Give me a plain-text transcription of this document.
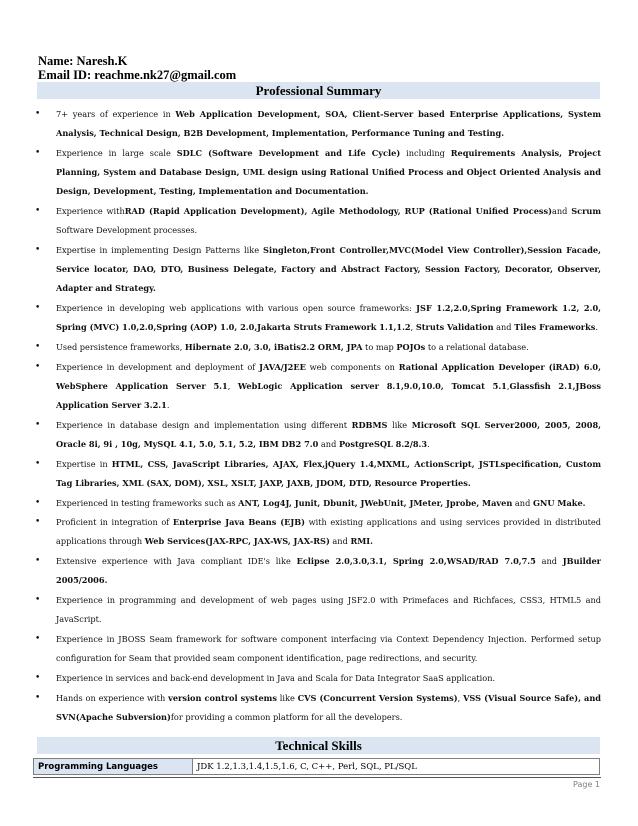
Name: Naresh.K
Email ID: reachme.nk27@gmail.com
Professional Summary
• 7+ years of experience in Web Application Development, SOA, Client-Server based Enterprise Applications, System Analysis, Technical Design, B2B Development, Implementation, Performance Tuning and Testing.
• Experience in large scale SDLC (Software Development and Life Cycle) including Requirements Analysis, Project Planning, System and Database Design, UML design using Rational Unified Process and Object Oriented Analysis and Design, Development, Testing, Implementation and Documentation.
• Experience withRAD (Rapid Application Development), Agile Methodology, RUP (Rational Unified Process)and Scrum Software Development processes.
• Expertise in implementing Design Patterns like Singleton,Front Controller,MVC(Model View Controller),Session Facade, Service locator, DAO, DTO, Business Delegate, Factory and Abstract Factory, Session Factory, Decorator, Observer, Adapter and Strategy.
• Experience in developing web applications with various open source frameworks: JSF 1.2,2.0,Spring Framework 1.2, 2.0, Spring (MVC) 1.0,2.0,Spring (AOP) 1.0, 2.0,Jakarta Struts Framework 1.1,1.2, Struts Validation and Tiles Frameworks.
• Used persistence frameworks, Hibernate 2.0, 3.0, iBatis2.2 ORM, JPA to map POJOs to a relational database.
• Experience in development and deployment of JAVA/J2EE web components on Rational Application Developer (iRAD) 6.0, WebSphere Application Server 5.1, WebLogic Application server 8.1,9.0,10.0, Tomcat 5.1,Glassfish 2.1,JBoss Application Server 3.2.1.
• Experience in database design and implementation using different RDBMS like Microsoft SQL Server2000, 2005, 2008, Oracle 8i, 9i , 10g, MySQL 4.1, 5.0, 5.1, 5.2, IBM DB2 7.0 and PostgreSQL 8.2/8.3.
• Expertise in HTML, CSS, JavaScript Libraries, AJAX, Flex,jQuery 1.4,MXML, ActionScript, JSTLspecification, Custom Tag Libraries, XML (SAX, DOM), XSL, XSLT, JAXP, JAXB, JDOM, DTD, Resource Properties.
• Experienced in testing frameworks such as ANT, Log4J, Junit, Dbunit, JWebUnit, JMeter, Jprobe, Maven and GNU Make.
• Proficient in integration of Enterprise Java Beans (EJB) with existing applications and using services provided in distributed applications through Web Services(JAX-RPC, JAX-WS, JAX-RS) and RMI.
• Extensive experience with Java compliant IDE's like Eclipse 2.0,3.0,3.1, Spring 2.0,WSAD/RAD 7.0,7.5 and JBuilder 2005/2006.
• Experience in programming and development of web pages using JSF2.0 with Primefaces and Richfaces, CSS3, HTML5 and JavaScript.
• Experience in JBOSS Seam framework for software component interfacing via Context Dependency Injection. Performed setup configuration for Seam that provided seam component identification, page redirections, and security.
• Experience in services and back-end development in Java and Scala for Data Integrator SaaS application.
• Hands on experience with version control systems like CVS (Concurrent Version Systems), VSS (Visual Source Safe), and SVN(Apache Subversion)for providing a common platform for all the developers.
Technical Skills
Programming Languages	JDK 1.2,1.3,1.4,1.5,1.6, C, C++, Perl, SQL, PL/SQL
Page 1
